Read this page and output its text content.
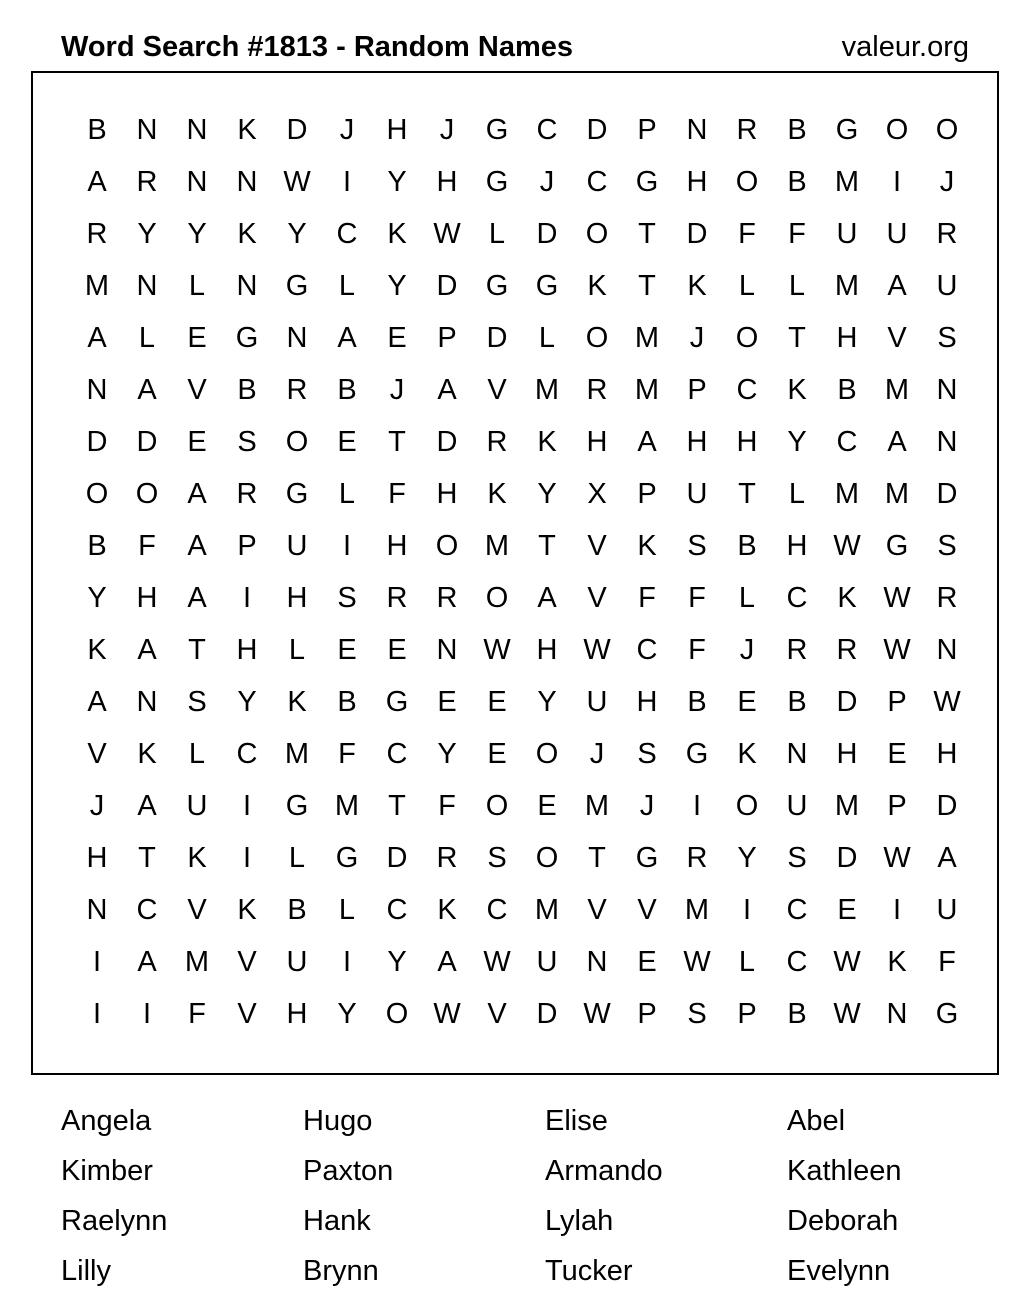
Word Search #1813 - Random Names	valeur.org
B	N	N	K	D	J	H	J	G C	D	P	N	R	B	G O O
A	R	N	N W	I	Y	H G	J	C G H O	B M	I	J
R	Y	Y	K	Y	C	K W L	D O	T	D	F	F	U	U	R
M N	L	N G	L	Y	D G G	K	T	K	L	L	M A	U
A	L	E	G N	A	E	P	D	L	O M	J	O	T	H	V	S
N	A	V	B	R	B	J	A	V M R M P	C	K	B M N
D	D	E	S	O	E	T	D	R	K	H	A	H	H	Y	C	A	N
O O	A	R G	L	F	H	K	Y	X	P	U	T	L	M M D
B	F	A	P	U	I	H O M	T	V	K	S	B	H W G	S
Y	H	A	I	H	S	R	R O	A	V	F	F	L	C	K W R
K	A	T	H	L	E	E	N W H W C	F	J	R	R W N
A	N	S	Y	K	B	G	E	E	Y	U	H	B	E	B	D	P W
V	K	L	C M	F	C	Y	E	O	J	S	G	K	N	H	E	H
J	A	U	I	G M	T	F	O	E M	J	I	O U M P	D
H	T	K	I	L	G D	R	S	O	T	G R	Y	S	D W A
N	C	V	K	B	L	C	K	C M V	V M	I	C	E	I	U
I	A M V	U	I	Y	A W U	N	E W L	C W K	F
I	I	F	V	H	Y	O W V	D W P	S	P	B W N G
Angela	Hugo	Elise	Abel
Kimber	Paxton	Armando	Kathleen
Raelynn	Hank	Lylah	Deborah
Lilly	Brynn	Tucker	Evelynn
